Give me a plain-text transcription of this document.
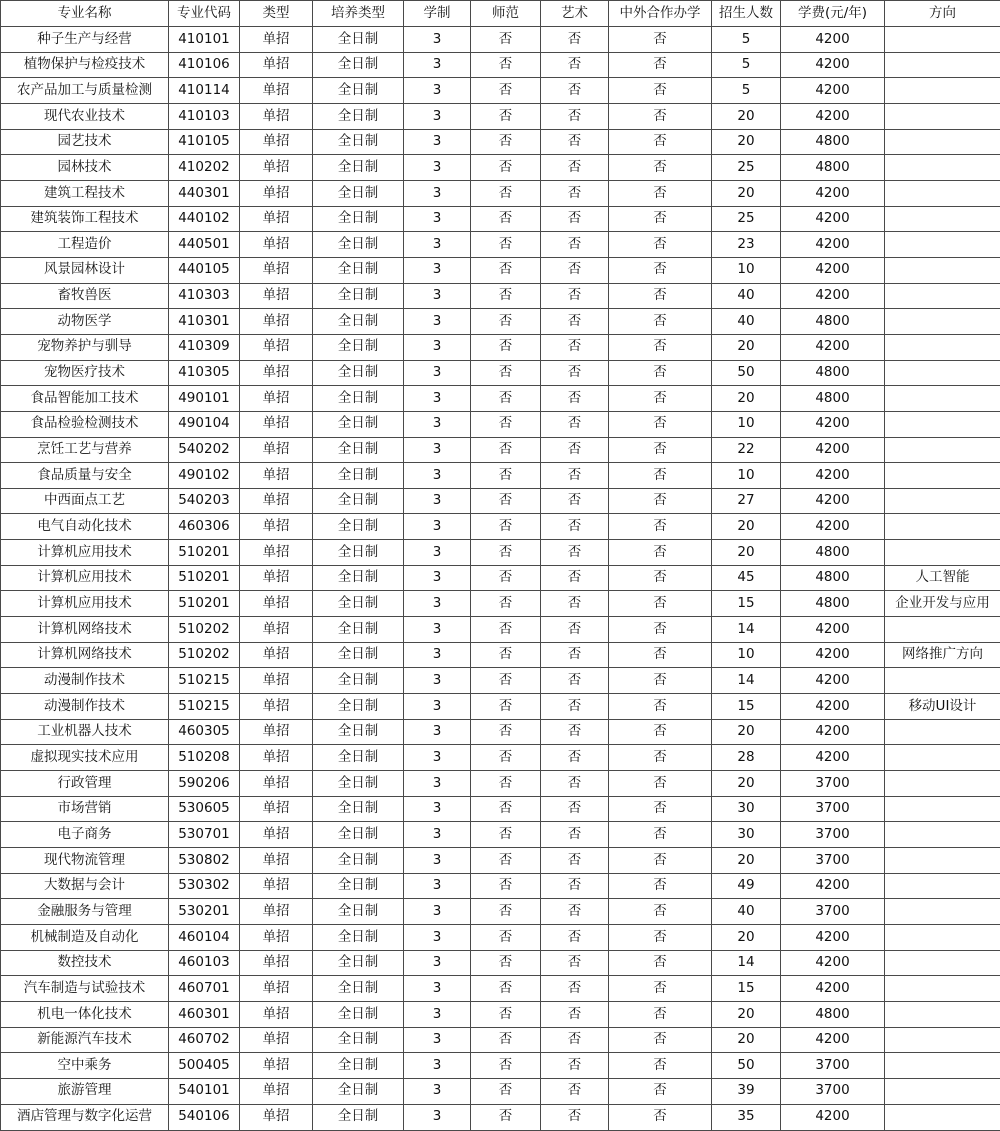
专业名称	专业代码	类型	培养类型	学制	师范	艺术	中外合作办学	招生人数	学费(元/年)	方向
种子生产与经营	410101	单招	全日制	3	否	否	否	5	4200	
植物保护与检疫技术	410106	单招	全日制	3	否	否	否	5	4200	
农产品加工与质量检测	410114	单招	全日制	3	否	否	否	5	4200	
现代农业技术	410103	单招	全日制	3	否	否	否	20	4200	
园艺技术	410105	单招	全日制	3	否	否	否	20	4800	
园林技术	410202	单招	全日制	3	否	否	否	25	4800	
建筑工程技术	440301	单招	全日制	3	否	否	否	20	4200	
建筑装饰工程技术	440102	单招	全日制	3	否	否	否	25	4200	
工程造价	440501	单招	全日制	3	否	否	否	23	4200	
风景园林设计	440105	单招	全日制	3	否	否	否	10	4200	
畜牧兽医	410303	单招	全日制	3	否	否	否	40	4200	
动物医学	410301	单招	全日制	3	否	否	否	40	4800	
宠物养护与驯导	410309	单招	全日制	3	否	否	否	20	4200	
宠物医疗技术	410305	单招	全日制	3	否	否	否	50	4800	
食品智能加工技术	490101	单招	全日制	3	否	否	否	20	4800	
食品检验检测技术	490104	单招	全日制	3	否	否	否	10	4200	
烹饪工艺与营养	540202	单招	全日制	3	否	否	否	22	4200	
食品质量与安全	490102	单招	全日制	3	否	否	否	10	4200	
中西面点工艺	540203	单招	全日制	3	否	否	否	27	4200	
电气自动化技术	460306	单招	全日制	3	否	否	否	20	4200	
计算机应用技术	510201	单招	全日制	3	否	否	否	20	4800	
计算机应用技术	510201	单招	全日制	3	否	否	否	45	4800	人工智能
计算机应用技术	510201	单招	全日制	3	否	否	否	15	4800	企业开发与应用
计算机网络技术	510202	单招	全日制	3	否	否	否	14	4200	
计算机网络技术	510202	单招	全日制	3	否	否	否	10	4200	网络推广方向
动漫制作技术	510215	单招	全日制	3	否	否	否	14	4200	
动漫制作技术	510215	单招	全日制	3	否	否	否	15	4200	移动UI设计
工业机器人技术	460305	单招	全日制	3	否	否	否	20	4200	
虚拟现实技术应用	510208	单招	全日制	3	否	否	否	28	4200	
行政管理	590206	单招	全日制	3	否	否	否	20	3700	
市场营销	530605	单招	全日制	3	否	否	否	30	3700	
电子商务	530701	单招	全日制	3	否	否	否	30	3700	
现代物流管理	530802	单招	全日制	3	否	否	否	20	3700	
大数据与会计	530302	单招	全日制	3	否	否	否	49	4200	
金融服务与管理	530201	单招	全日制	3	否	否	否	40	3700	
机械制造及自动化	460104	单招	全日制	3	否	否	否	20	4200	
数控技术	460103	单招	全日制	3	否	否	否	14	4200	
汽车制造与试验技术	460701	单招	全日制	3	否	否	否	15	4200	
机电一体化技术	460301	单招	全日制	3	否	否	否	20	4800	
新能源汽车技术	460702	单招	全日制	3	否	否	否	20	4200	
空中乘务	500405	单招	全日制	3	否	否	否	50	3700	
旅游管理	540101	单招	全日制	3	否	否	否	39	3700	
酒店管理与数字化运营	540106	单招	全日制	3	否	否	否	35	4200	
